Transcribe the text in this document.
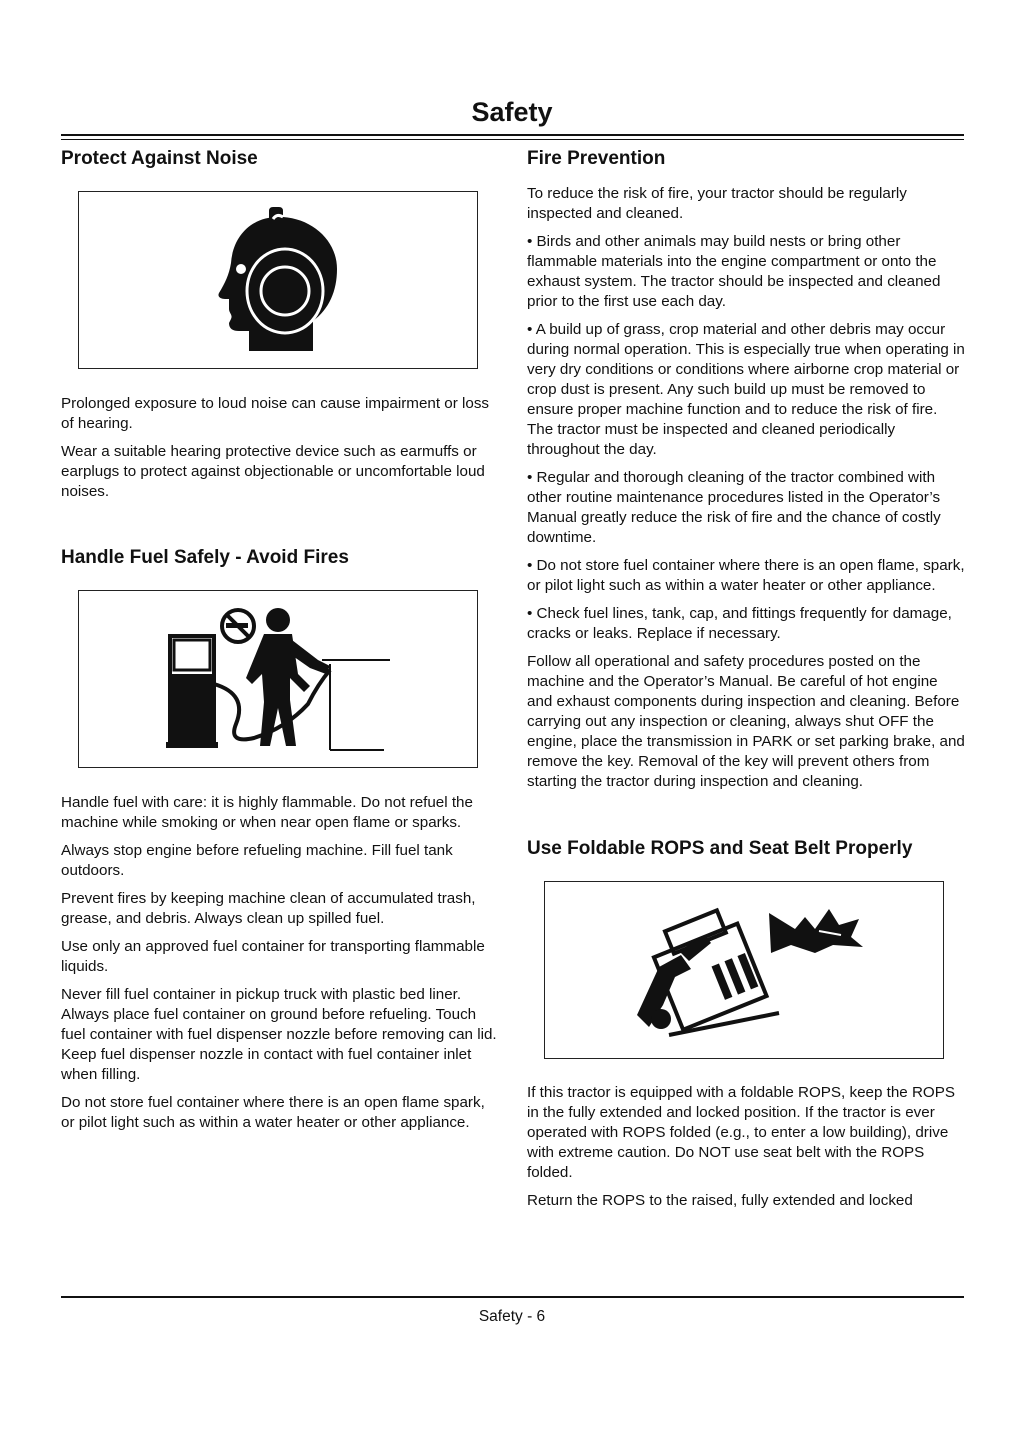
Safety
Protect Against Noise

Prolonged exposure to loud noise can cause impairment or loss of hearing.

Wear a suitable hearing protective device such as earmuffs or earplugs to protect against objectionable or uncomfortable loud noises.

Handle Fuel Safely - Avoid Fires

Handle fuel with care: it is highly flammable. Do not refuel the machine while smoking or when near open flame or sparks.

Always stop engine before refueling machine. Fill fuel tank outdoors.

Prevent fires by keeping machine clean of accumulated trash, grease, and debris. Always clean up spilled fuel.

Use only an approved fuel container for transporting flammable liquids.

Never fill fuel container in pickup truck with plastic bed liner. Always place fuel container on ground before refueling. Touch fuel container with fuel dispenser nozzle before removing can lid. Keep fuel dispenser nozzle in contact with fuel container inlet when filling.

Do not store fuel container where there is an open flame spark, or pilot light such as within a water heater or other appliance.

Fire Prevention

To reduce the risk of fire, your tractor should be regularly inspected and cleaned.

• Birds and other animals may build nests or bring other flammable materials into the engine compartment or onto the exhaust system. The tractor should be inspected and cleaned prior to the first use each day.

• A build up of grass, crop material and other debris may occur during normal operation. This is especially true when operating in very dry conditions or conditions where airborne crop material or crop dust is present. Any such build up must be removed to ensure proper machine function and to reduce the risk of fire. The tractor must be inspected and cleaned periodically throughout the day.

• Regular and thorough cleaning of the tractor combined with other routine maintenance procedures listed in the Operator’s Manual greatly reduce the risk of fire and the chance of costly downtime.

• Do not store fuel container where there is an open flame, spark, or pilot light such as within a water heater or other appliance.

• Check fuel lines, tank, cap, and fittings frequently for damage, cracks or leaks. Replace if necessary.

Follow all operational and safety procedures posted on the machine and the Operator’s Manual. Be careful of hot engine and exhaust components during inspection and cleaning. Before carrying out any inspection or cleaning, always shut OFF the engine, place the transmission in PARK or set parking brake, and remove the key. Removal of the key will prevent others from starting the tractor during inspection and cleaning.

Use Foldable ROPS and Seat Belt Properly

If this tractor is equipped with a foldable ROPS, keep the ROPS in the fully extended and locked position. If the tractor is ever operated with ROPS folded (e.g., to enter a low building), drive with extreme caution. Do NOT use seat belt with the ROPS folded.

Return the ROPS to the raised, fully extended and locked

Safety - 6
